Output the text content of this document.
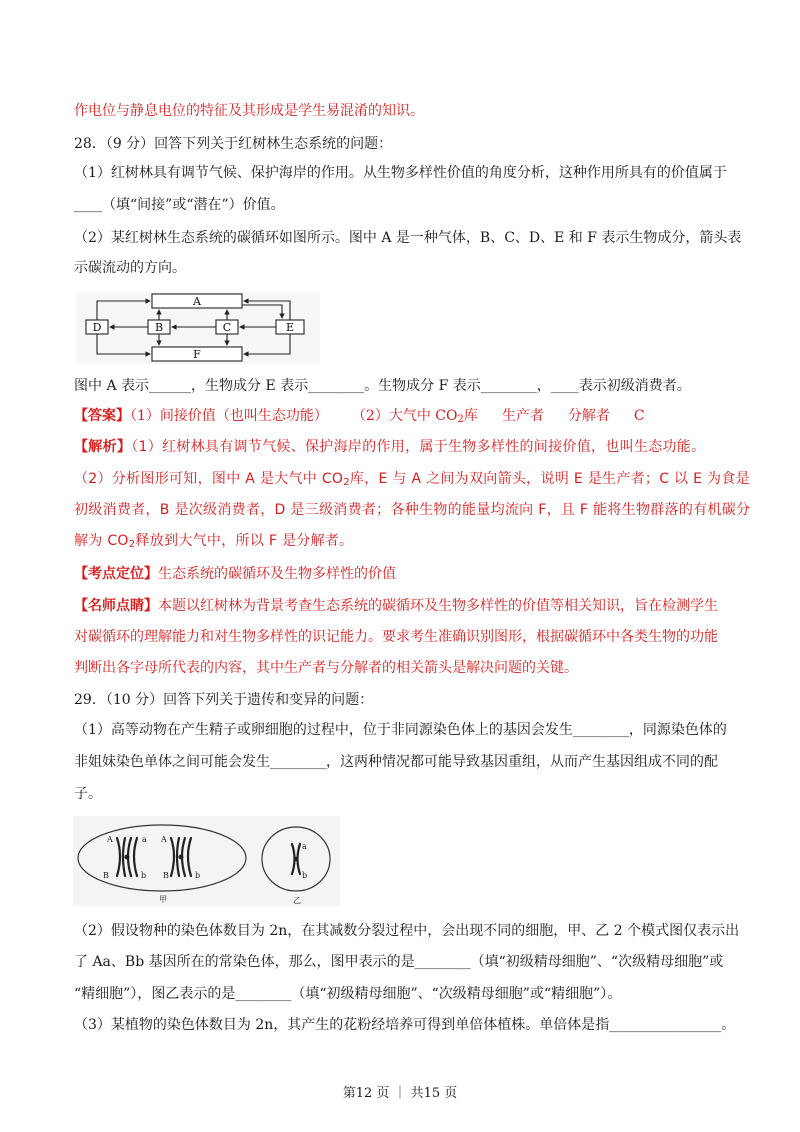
作电位与静息电位的特征及其形成是学生易混淆的知识。
28．（9 分）回答下列关于红树林生态系统的问题：
（1）红树林具有调节气候、保护海岸的作用。从生物多样性价值的角度分析，这种作用所具有的价值属于
____（填“间接”或“潜在”）价值。
（2）某红树林生态系统的碳循环如图所示。图中 A 是一种气体，B、C、D、E 和 F 表示生物成分，箭头表
示碳流动的方向。
A
F
D	B	C	E
图中 A 表示______，生物成分 E 表示________。生物成分 F 表示________，____表示初级消费者。
【答案】（1）间接价值（也叫生态功能） （2）大气中 $CO_2$库 生产者 分解者 C
【解析】（1）红树林具有调节气候、保护海岸的作用，属于生物多样性的间接价值，也叫生态功能。
（2）分析图形可知，图中 A 是大气中 $CO_2$库，E 与 A 之间为双向箭头，说明 E 是生产者；C 以 E 为食是
初级消费者，B 是次级消费者，D 是三级消费者；各种生物的能量均流向 F，且 F 能将生物群落的有机碳分
解为 $CO_2$释放到大气中，所以 F 是分解者。
【考点定位】生态系统的碳循环及生物多样性的价值
【名师点睛】本题以红树林为背景考查生态系统的碳循环及生物多样性的价值等相关知识，旨在检测学生
对碳循环的理解能力和对生物多样性的识记能力。要求考生准确识别图形，根据碳循环中各类生物的功能
判断出各字母所代表的内容，其中生产者与分解者的相关箭头是解决问题的关键。
29．（10 分）回答下列关于遗传和变异的问题：
（1）高等动物在产生精子或卵细胞的过程中，位于非同源染色体上的基因会发生________，同源染色体的
非姐妹染色单体之间可能会发生________，这两种情况都可能导致基因重组，从而产生基因组成不同的配
子。
A	a A
B	b B	b
a
b
甲	乙
（2）假设物种的染色体数目为 2n，在其减数分裂过程中，会出现不同的细胞，甲、乙 2 个模式图仅表示出
了 Aa、Bb 基因所在的常染色体，那么，图甲表示的是________（填“初级精母细胞”、“次级精母细胞”或
“精细胞”），图乙表示的是________（填“初级精母细胞”、“次级精母细胞”或“精细胞”）。
（3）某植物的染色体数目为 2n，其产生的花粉经培养可得到单倍体植株。单倍体是指________________。
第12 页 ｜ 共15 页
